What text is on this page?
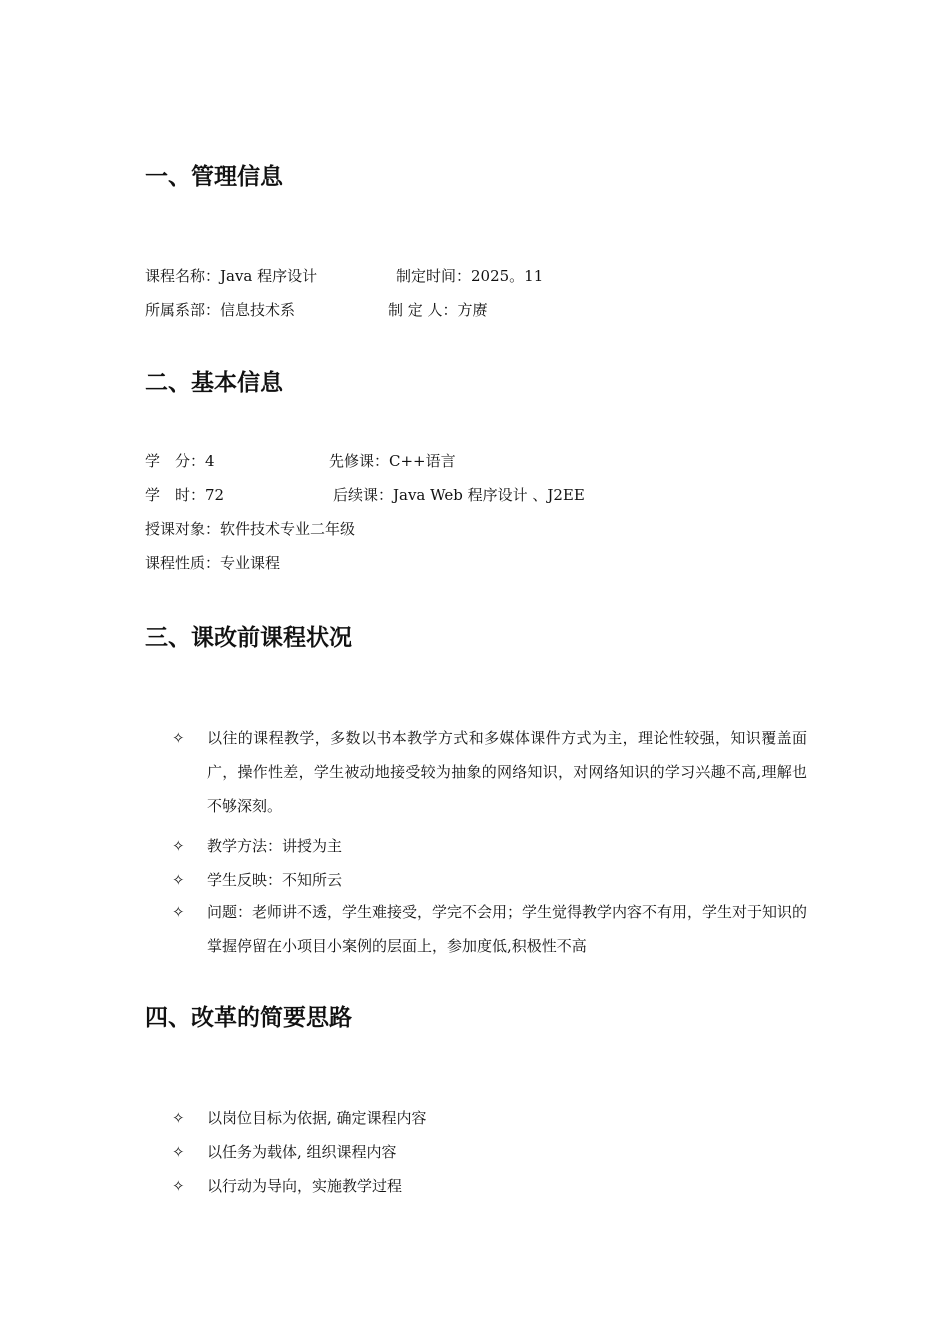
一、管理信息
课程名称：Java 程序设计	制定时间：2025。11
所属系部：信息技术系	制 定 人：方赓
二、基本信息
学　分：4	先修课：C++语言
学　时：72	后续课：Java Web 程序设计 、J2EE
授课对象：软件技术专业二年级
课程性质：专业课程
三、课改前课程状况
✧ 以往的课程教学，多数以书本教学方式和多媒体课件方式为主，理论性较强，知识覆盖面广，操作性差，学生被动地接受较为抽象的网络知识，对网络知识的学习兴趣不高,理解也不够深刻。
✧ 教学方法：讲授为主
✧ 学生反映：不知所云
✧ 问题：老师讲不透，学生难接受，学完不会用；学生觉得教学内容不有用，学生对于知识的掌握停留在小项目小案例的层面上，参加度低,积极性不高
四、改革的简要思路
✧ 以岗位目标为依据, 确定课程内容
✧ 以任务为载体, 组织课程内容
✧ 以行动为导向，实施教学过程
